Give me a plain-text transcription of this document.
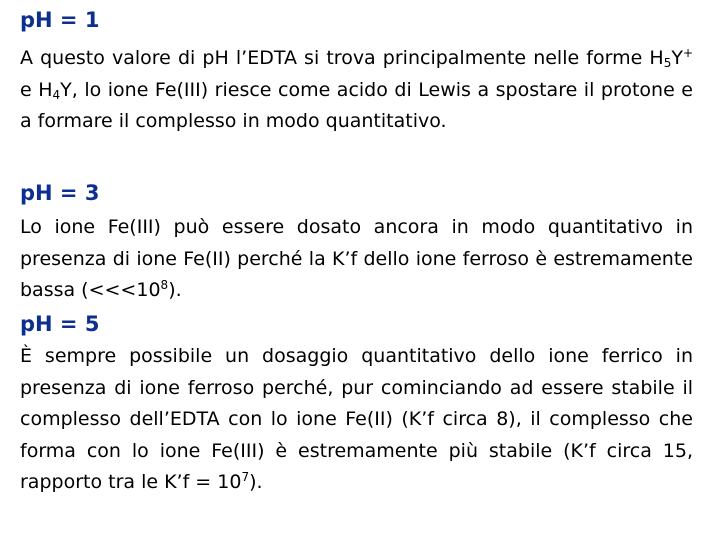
pH = 1
A questo valore di pH l’EDTA si trova principalmente nelle forme $H_5Y^+$ e $H_4Y$, lo ione Fe(III) riesce come acido di Lewis a spostare il protone e a formare il complesso in modo quantitativo.
pH = 3
Lo ione Fe(III) può essere dosato ancora in modo quantitativo in presenza di ione Fe(II) perché la K’f dello ione ferroso è estremamente bassa $(<<<10^8)$.
pH = 5
È sempre possibile un dosaggio quantitativo dello ione ferrico in presenza di ione ferroso perché, pur cominciando ad essere stabile il complesso dell’EDTA con lo ione Fe(II) (K’f circa 8), il complesso che forma con lo ione Fe(III) è estremamente più stabile (K’f circa 15, rapporto tra le K’f = $10^7$).
